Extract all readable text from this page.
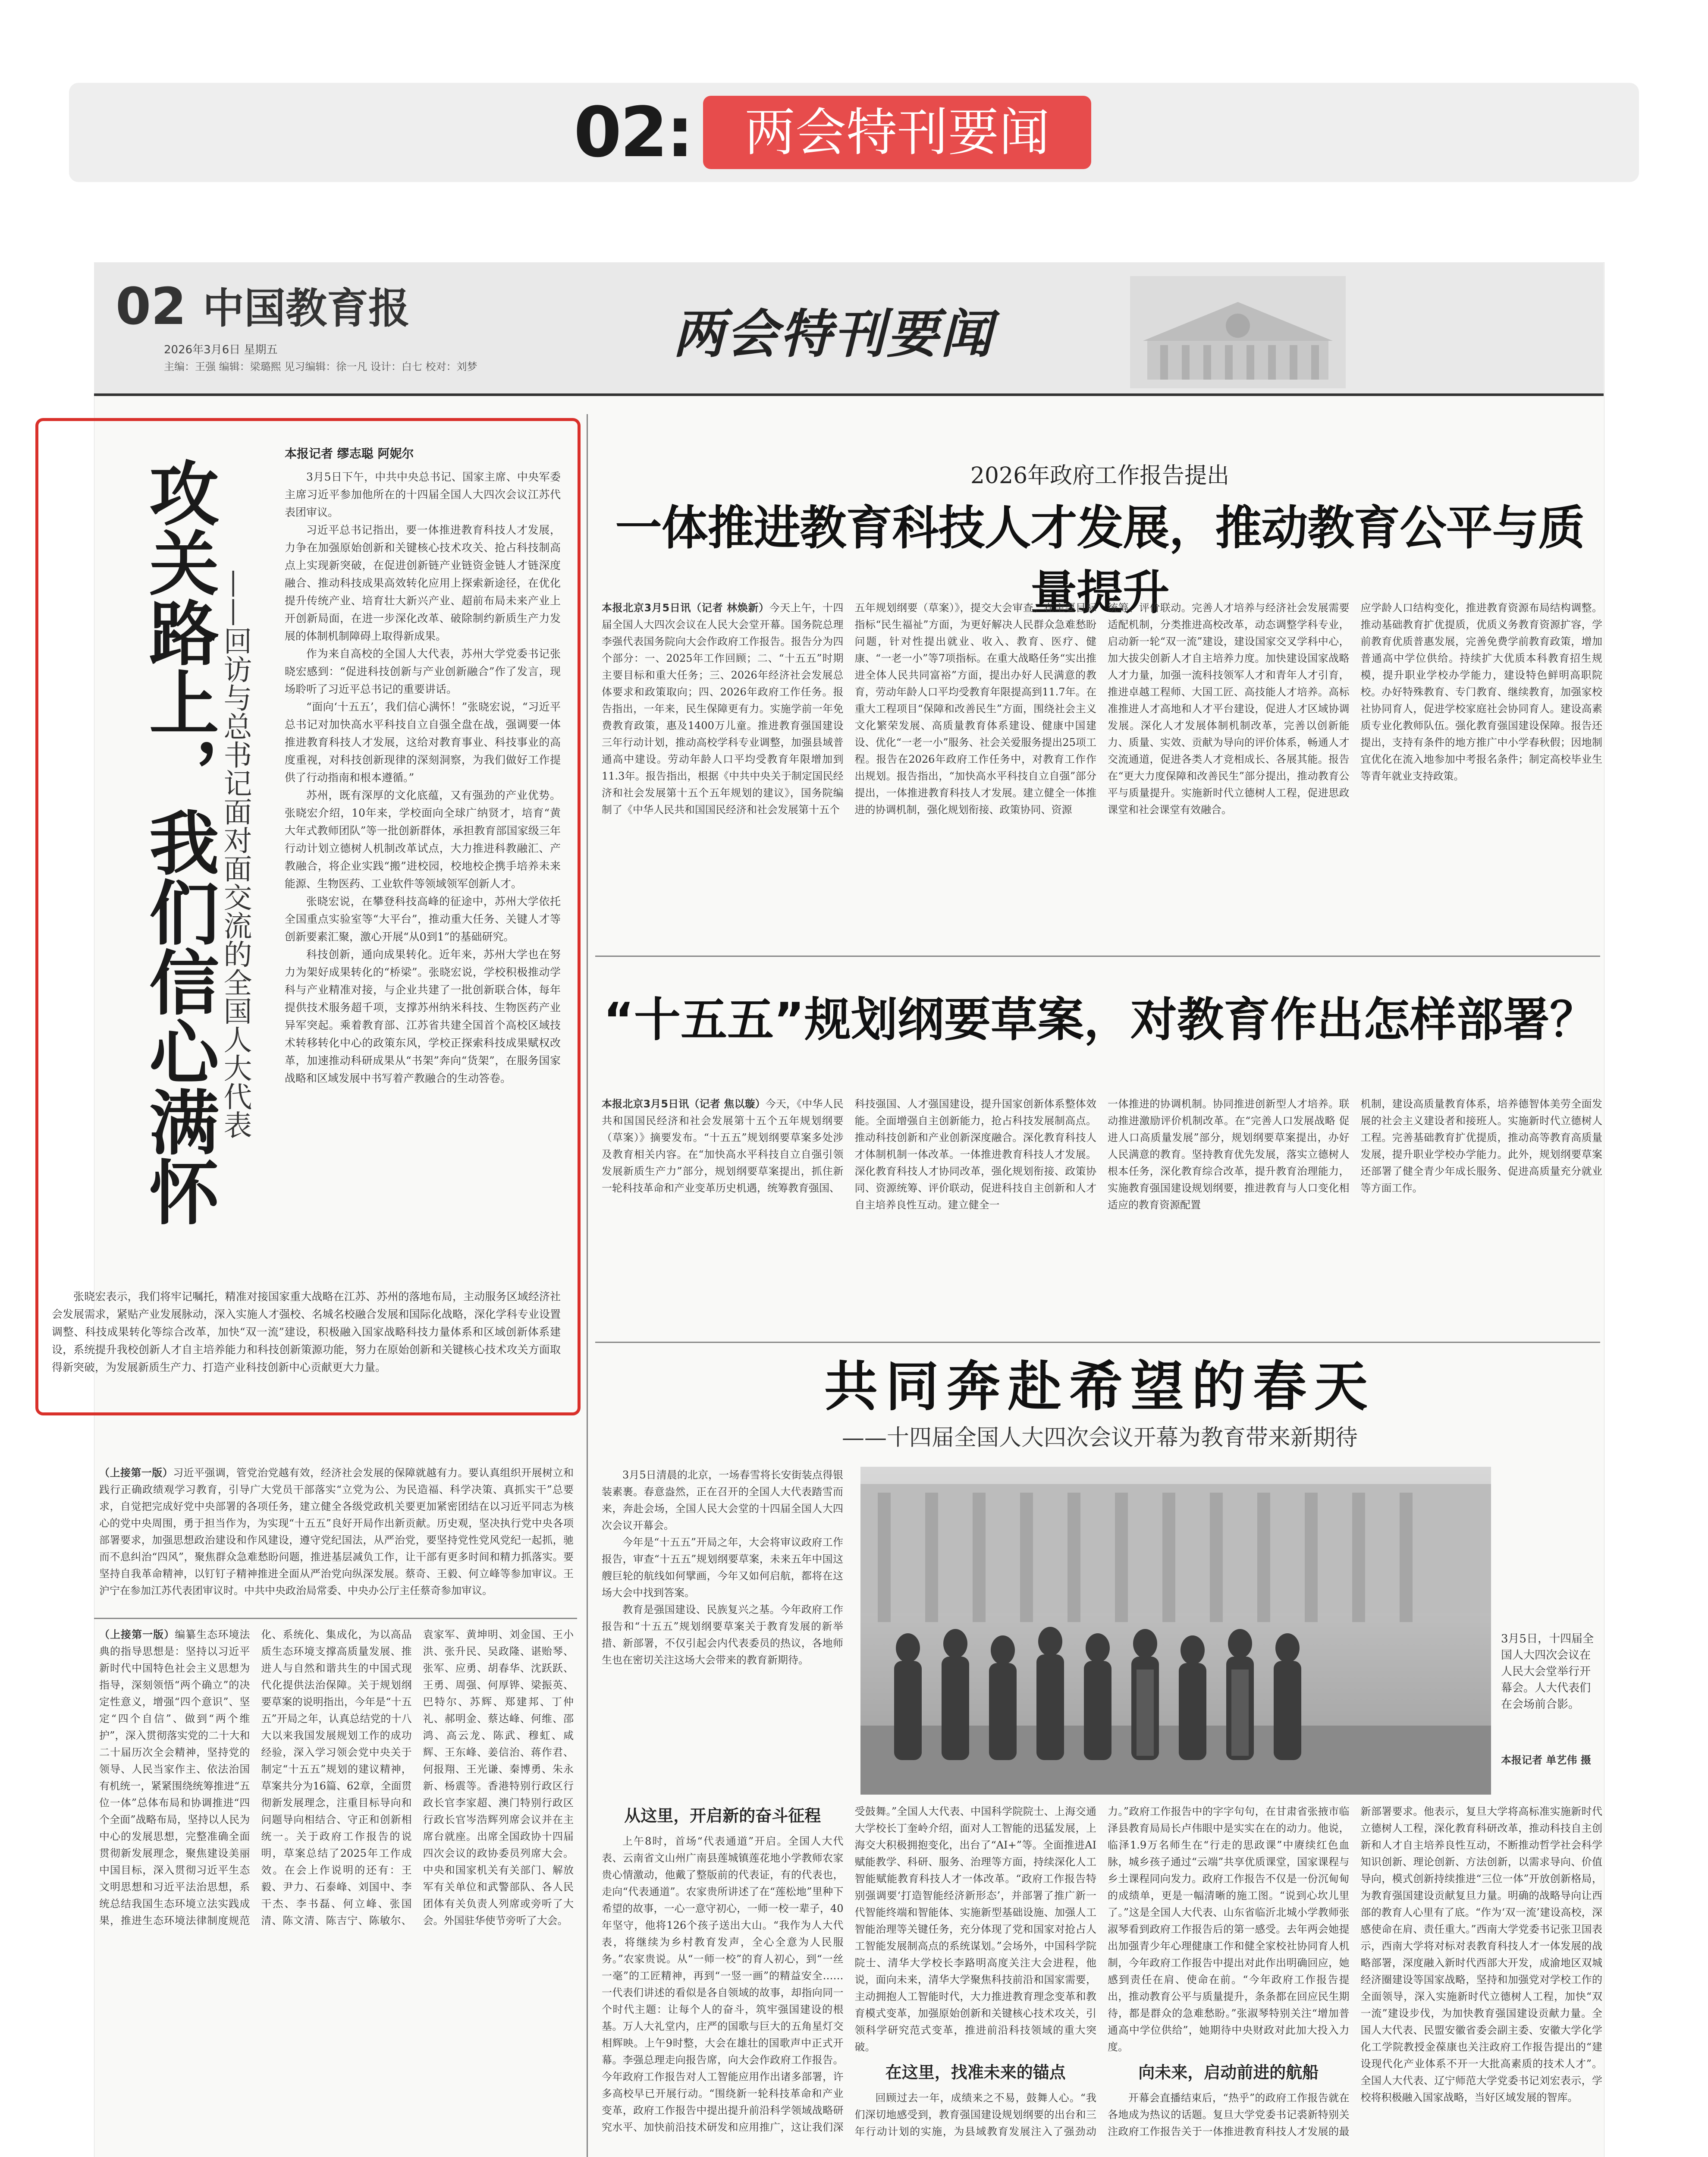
02:	两会特刊要闻
02 中国教育报
2026年3月6日 星期五
主编：王强 编辑：梁璐熙 见习编辑：徐一凡 设计：白七 校对：刘梦
两会特刊要闻
本报记者 缪志聪 阿妮尔
攻关路上，我们信心满怀
——回访与总书记面对面交流的全国人大代表

3月5日下午，中共中央总书记、国家主席、中央军委主席习近平参加他所在的十四届全国人大四次会议江苏代表团审议。

习近平总书记指出，要一体推进教育科技人才发展，力争在加强原始创新和关键核心技术攻关、抢占科技制高点上实现新突破，在促进创新链产业链资金链人才链深度融合、推动科技成果高效转化应用上探索新途径，在优化提升传统产业、培育壮大新兴产业、超前布局未来产业上开创新局面，在进一步深化改革、破除制约新质生产力发展的体制机制障碍上取得新成果。

作为来自高校的全国人大代表，苏州大学党委书记张晓宏感到：“促进科技创新与产业创新融合”作了发言，现场聆听了习近平总书记的重要讲话。

“面向‘十五五’，我们信心满怀！”张晓宏说，“习近平总书记对加快高水平科技自立自强全盘在战，强调要一体推进教育科技人才发展，这给对教育事业、科技事业的高度重视，对科技创新现律的深刻洞察，为我们做好工作提供了行动指南和根本遵循。”

苏州，既有深厚的文化底蕴，又有强劲的产业优势。张晓宏介绍，10年来，学校面向全球广纳贤才，培育“黄大年式教师团队”等一批创新群体，承担教育部国家级三年行动计划立德树人机制改革试点，大力推进科教融汇、产教融合，将企业实践“搬”进校园，校地校企携手培养未来能源、生物医药、工业软件等领域领军创新人才。

张晓宏说，在攀登科技高峰的征途中，苏州大学依托全国重点实验室等“大平台”，推动重大任务、关键人才等创新要素汇聚，激心开展“从0到1”的基础研究。

科技创新，通向成果转化。近年来，苏州大学也在努力为架好成果转化的“桥梁”。张晓宏说，学校积极推动学科与产业精准对接，与企业共建了一批创新联合体，每年提供技术服务超千项，支撑苏州纳米科技、生物医药产业异军突起。乘着教育部、江苏省共建全国首个高校区域技术转移转化中心的政策东风，学校正探索科技成果赋权改革，加速推动科研成果从“书架”奔向“货架”，在服务国家战略和区域发展中书写着产教融合的生动答卷。

张晓宏表示，我们将牢记嘱托，精准对接国家重大战略在江苏、苏州的落地布局，主动服务区域经济社会发展需求，紧贴产业发展脉动，深入实施人才强校、名城名校融合发展和国际化战略，深化学科专业设置调整、科技成果转化等综合改革，加快“双一流”建设，积极融入国家战略科技力量体系和区域创新体系建设，系统提升我校创新人才自主培养能力和科技创新策源功能，努力在原始创新和关键核心技术攻关方面取得新突破，为发展新质生产力、打造产业科技创新中心贡献更大力量。

（上接第一版）习近平强调，管党治党越有效，经济社会发展的保障就越有力。要认真组织开展树立和践行正确政绩观学习教育，引导广大党员干部落实“立党为公、为民造福、科学决策、真抓实干”总要求，自觉把完成好党中央部署的各项任务，建立健全各级党政机关要更加紧密团结在以习近平同志为核心的党中央周围，勇于担当作为，为实现“十五五”良好开局作出新贡献。历史观，坚决执行党中央各项部署要求，加强思想政治建设和作风建设，遵守党纪国法，从严治党，要坚持党性党风党纪一起抓，驰而不息纠治“四风”，聚焦群众急难愁盼问题，推进基层减负工作，让干部有更多时间和精力抓落实。要坚持自我革命精神，以钉钉子精神推进全面从严治党向纵深发展。蔡奇、王毅、何立峰等参加审议。王沪宁在参加江苏代表团审议时。中共中央政治局常委、中央办公厅主任蔡奇参加审议。
（上接第一版）编纂生态环境法典的指导思想是：坚持以习近平新时代中国特色社会主义思想为指导，深刻领悟“两个确立”的决定性意义，增强“四个意识”、坚定“四个自信”、做到“两个维护”，深入贯彻落实党的二十大和二十届历次全会精神，坚持党的领导、人民当家作主、依法治国有机统一，紧紧围绕统筹推进“五位一体”总体布局和协调推进“四个全面”战略布局，坚持以人民为中心的发展思想，完整准确全面贯彻新发展理念，聚焦建设美丽中国目标，深入贯彻习近平生态文明思想和习近平法治思想，系统总结我国生态环境立法实践成果，推进生态环境法律制度规范化、系统化、集成化，为以高品质生态环境支撑高质量发展、推进人与自然和谐共生的中国式现代化提供法治保障。关于规划纲要草案的说明指出，今年是“十五五”开局之年，认真总结党的十八大以来我国发展规划工作的成功经验，深入学习领会党中央关于制定“十五五”规划的建议精神，草案共分为16篇、62章，全面贯彻新发展理念，注重目标导向和问题导向相结合、守正和创新相统一。关于政府工作报告的说明，草案总结了2025年工作成效。在会上作说明的还有：王毅、尹力、石泰峰、刘国中、李干杰、李书磊、何立峰、张国清、陈文清、陈吉宁、陈敏尔、袁家军、黄坤明、刘金国、王小洪、张升民、吴政隆、谌贻琴、张军、应勇、胡春华、沈跃跃、王勇、周强、何厚铧、梁振英、巴特尔、苏辉、郑建邦、丁仲礼、郝明金、蔡达峰、何维、邵鸿、高云龙、陈武、穆虹、咸辉、王东峰、姜信治、蒋作君、何报翔、王光谦、秦博勇、朱永新、杨震等。香港特别行政区行政长官李家超、澳门特别行政区行政长官岑浩辉列席会议并在主席台就座。出席全国政协十四届四次会议的政协委员列席大会。中央和国家机关有关部门、解放军有关单位和武警部队、各人民团体有关负责人列席或旁听了大会。外国驻华使节旁听了大会。
2026年政府工作报告提出
一体推进教育科技人才发展，推动教育公平与质量提升
本报北京3月5日讯（记者 林焕新）今天上午，十四届全国人大四次会议在人民大会堂开幕。国务院总理李强代表国务院向大会作政府工作报告。报告分为四个部分：一、2025年工作回顾；二、“十五五”时期主要目标和重大任务；三、2026年经济社会发展总体要求和政策取向；四、2026年政府工作任务。报告指出，一年来，民生保障更有力。实施学前一年免费教育政策，惠及1400万儿童。推进教育强国建设三年行动计划，推动高校学科专业调整，加强县域普通高中建设。劳动年龄人口平均受教育年限增加到11.3年。报告指出，根据《中共中央关于制定国民经济和社会发展第十五个五年规划的建议》，国务院编制了《中华人民共和国国民经济和社会发展第十五个
五年规划纲要（草案）》，提交大会审查。在主要目标指标“民生福祉”方面，为更好解决人民群众急难愁盼问题，针对性提出就业、收入、教育、医疗、健康、“一老一小”等7项指标。在重大战略任务“实出推进全体人民共同富裕”方面，提出办好人民满意的教育，劳动年龄人口平均受教育年限提高到11.7年。在重大工程项目“保障和改善民生”方面，围绕社会主义文化繁荣发展、高质量教育体系建设、健康中国建设、优化“一老一小”服务、社会关爱服务提出25项工程。报告在2026年政府工作任务中，对教育工作作出规划。报告指出，“加快高水平科技自立自强”部分提出，一体推进教育科技人才发展。建立健全一体推进的协调机制，强化规划衔接、政策协同、资源
统筹、评价联动。完善人才培养与经济社会发展需要适配机制，分类推进高校改革，动态调整学科专业，启动新一轮“双一流”建设，建设国家交叉学科中心，加大拔尖创新人才自主培养力度。加快建设国家战略人才力量，加强一流科技领军人才和青年人才引育，推进卓越工程师、大国工匠、高技能人才培养。高标准推进人才高地和人才平台建设，促进人才区域协调发展。深化人才发展体制机制改革，完善以创新能力、质量、实效、贡献为导向的评价体系，畅通人才交流通道，促进各类人才竞相成长、各展其能。报告在“更大力度保障和改善民生”部分提出，推动教育公平与质量提升。实施新时代立德树人工程，促进思政课堂和社会课堂有效融合。
应学龄人口结构变化，推进教育资源布局结构调整。推动基础教育扩优提质，优质义务教育资源扩容，学前教育优质普惠发展，完善免费学前教育政策，增加普通高中学位供给。持续扩大优质本科教育招生规模，提升职业学校办学能力，建设特色鲜明高职院校。办好特殊教育、专门教育、继续教育，加强家校社协同育人，促进学校家庭社会协同育人。建设高素质专业化教师队伍。强化教育强国建设保障。报告还提出，支持有条件的地方推广中小学春秋假；因地制宜优化在流入地参加中考报名条件；制定高校毕业生等青年就业支持政策。
“十五五”规划纲要草案，对教育作出怎样部署？
本报北京3月5日讯（记者 焦以璇）今天，《中华人民共和国国民经济和社会发展第十五个五年规划纲要（草案）》摘要发布。“十五五”规划纲要草案多处涉及教育相关内容。在“加快高水平科技自立自强引领发展新质生产力”部分，规划纲要草案提出，抓住新一轮科技革命和产业变革历史机遇，统筹教育强国、
科技强国、人才强国建设，提升国家创新体系整体效能。全面增强自主创新能力，抢占科技发展制高点。推动科技创新和产业创新深度融合。深化教育科技人才体制机制一体改革。一体推进教育科技人才发展。深化教育科技人才协同改革，强化规划衔接、政策协同、资源统筹、评价联动，促进科技自主创新和人才自主培养良性互动。建立健全一
一体推进的协调机制。协同推进创新型人才培养。联动推进激励评价机制改革。在“完善人口发展战略 促进人口高质量发展”部分，规划纲要草案提出，办好人民满意的教育。坚持教育优先发展，落实立德树人根本任务，深化教育综合改革，提升教育治理能力，实施教育强国建设规划纲要，推进教育与人口变化相适应的教育资源配置
机制，建设高质量教育体系，培养德智体美劳全面发展的社会主义建设者和接班人。实施新时代立德树人工程。完善基础教育扩优提质，推动高等教育高质量发展，提升职业学校办学能力。此外，规划纲要草案还部署了健全青少年成长服务、促进高质量充分就业等方面工作。
共同奔赴希望的春天
——十四届全国人大四次会议开幕为教育带来新期待

3月5日清晨的北京，一场春雪将长安街装点得银装素裹。春意盎然，正在召开的全国人大代表踏雪而来，奔赴会场，全国人民大会堂的十四届全国人大四次会议开幕会。

今年是“十五五”开局之年，大会将审议政府工作报告，审查“十五五”规划纲要草案，未来五年中国这艘巨轮的航线如何擘画，今年又如何启航，都将在这场大会中找到答案。

教育是强国建设、民族复兴之基。今年政府工作报告和“十五五”规划纲要草案关于教育发展的新举措、新部署，不仅引起会内代表委员的热议，各地师生也在密切关注这场大会带来的教育新期待。

3月5日，十四届全国人大四次会议在人民大会堂举行开幕会。人大代表们在会场前合影。
本报记者 单艺伟 摄
从这里，开启新的奋斗征程

上午8时，首场“代表通道”开启。全国人大代表、云南省文山州广南县莲城镇莲花地小学教师农家贵心情激动，他戴了整版前的代表证，有的代表也，走向“代表通道”。农家贵所讲述了在“莲松地”里种下希望的故事，一心一意守初心，一师一校一辈子，40年坚守，他将126个孩子送出大山。“我作为人大代表，将继续为乡村教育发声，全心全意为人民服务。”农家贵说。从“一师一校”的育人初心，到“一丝一毫”的工匠精神，再到“一竖一画”的精益安全……一代表们讲述的看似是各自领域的故事，却指向同一个时代主题：让每个人的奋斗，筑牢强国建设的根基。万人大礼堂内，庄严的国歌与巨大的五角星灯交相辉映。上午9时整，大会在雄壮的国歌声中正式开幕。李强总理走向报告席，向大会作政府工作报告。今年政府工作报告对人工智能应用作出诸多部署，许多高校早已开展行动。“围绕新一轮科技革命和产业变革，政府工作报告中提出提升前沿科学领域战略研究水平、加快前沿技术研发和应用推广，这让我们深受鼓舞。”全国人大代表、中国科学院院士、上海交通大学校长丁奎岭介绍，面对人工智能的迅猛发展，上海交大积极拥抱变化，出台了“AI+”等。全面推进AI赋能教学、科研、服务、治理等方面，持续深化人工智能赋能教育科技人才一体改革。“政府工作报告特别强调要‘打造智能经济新形态’，并部署了推广新一代智能终端和智能体、实施新型基础设施、加强人工智能治理等关键任务，充分体现了党和国家对抢占人工智能发展制高点的系统谋划。”会场外，中国科学院院士、清华大学校长李路明高度关注大会进程，他说，面向未来，清华大学聚焦科技前沿和国家需要，主动拥抱人工智能时代，大力推进教育理念变革和教育模式变革，加强原始创新和关键核心技术攻关，引领科学研究范式变革，推进前沿科技领域的重大突破。

在这里，找准未来的锚点

回顾过去一年，成绩来之不易，鼓舞人心。“我们深切地感受到，教育强国建设规划纲要的出台和三年行动计划的实施，为县域教育发展注入了强劲动力。”政府工作报告中的字字句句，在甘肃省张掖市临泽县教育局局长卢伟眼中是实实在在的动力。他说，临泽1.9万名师生在“行走的思政课”中赓续红色血脉，城乡孩子通过“云端”共享优质课堂，国家课程与乡土课程同向发力。政府工作报告不仅是一份沉甸甸的成绩单，更是一幅清晰的施工图。“说到心坎儿里了。”这是全国人大代表、山东省临沂北城小学教师张淑琴看到政府工作报告后的第一感受。去年两会她提出加强青少年心理健康工作和健全家校社协同育人机制，今年政府工作报告中提出对此作出明确回应，她感到责任在肩、使命在前。“今年政府工作报告提出，推动教育公平与质量提升，条条都在回应民生期待，都是群众的急难愁盼。”张淑琴特别关注“增加普通高中学位供给”，她期待中央财政对此加大投入力度。

向未来，启动前进的航船

开幕会直播结束后，“热乎”的政府工作报告就在各地成为热议的话题。复旦大学党委书记裘新特别关注政府工作报告关于一体推进教育科技人才发展的最新部署要求。他表示，复旦大学将高标准实施新时代立德树人工程，深化教育科研改革，推动科技自主创新和人才自主培养良性互动，不断推动哲学社会科学知识创新、理论创新、方法创新，以需求导向、价值导向，模式创新持续推进“三位一体”开放创新格局，为教育强国建设贡献复旦力量。明确的战略导向让西部的教育人心里有了底。“作为‘双一流’建设高校，深感使命在肩、责任重大。”西南大学党委书记张卫国表示，西南大学将对标对表教育科技人才一体发展的战略部署，深度融入新时代西部大开发，成渝地区双城经济圈建设等国家战略，坚持和加强党对学校工作的全面领导，深入实施新时代立德树人工程，加快“双一流”建设步伐，为加快教育强国建设贡献力量。全国人大代表、民盟安徽省委会副主委、安徽大学化学化工学院教授金葆康也关注政府工作报告提出的“建设现代化产业体系不开一大批高素质的技术人才”。全国人大代表、辽宁师范大学党委书记刘宏表示，学校将积极融入国家战略，当好区域发展的智库。
